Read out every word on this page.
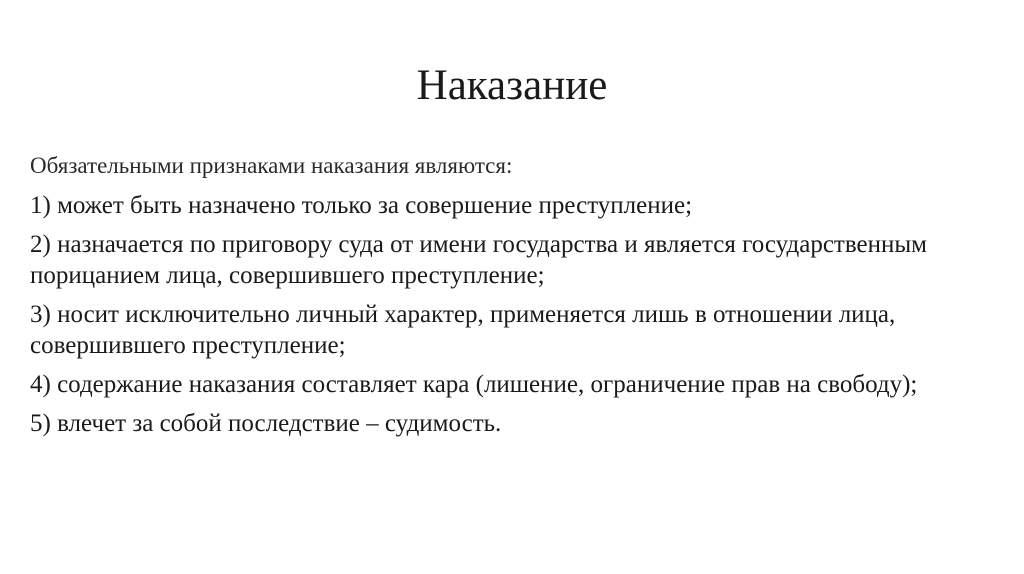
Наказание

Обязательными признаками наказания являются:

1) может быть назначено только за совершение преступление;

2) назначается по приговору суда от имени государства и является государственным порицанием лица, совершившего преступление;

3) носит исключительно личный характер, применяется лишь в отношении лица, совершившего преступление;

4) содержание наказания составляет кара (лишение, ограничение прав на свободу);

5) влечет за собой последствие – судимость.
